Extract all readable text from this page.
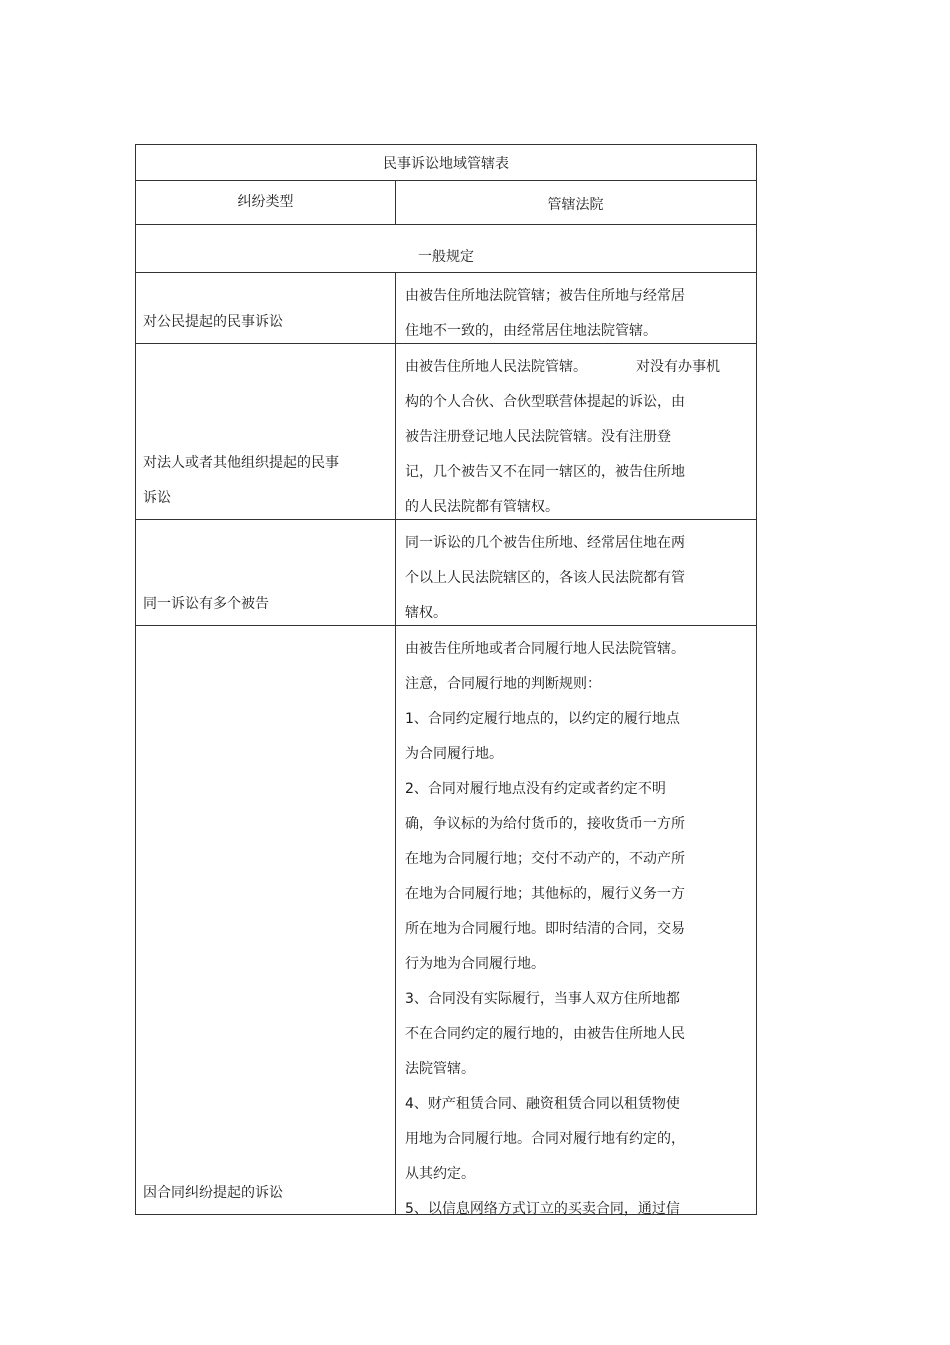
民事诉讼地域管辖表
纠纷类型	管辖法院
一般规定
对公民提起的民事诉讼
由被告住所地法院管辖；被告住所地与经常居
住地不一致的，由经常居住地法院管辖。
对法人或者其他组织提起的民事
诉讼
由被告住所地人民法院管辖。           对没有办事机
构的个人合伙、合伙型联营体提起的诉讼，由
被告注册登记地人民法院管辖。没有注册登
记，几个被告又不在同一辖区的，被告住所地
的人民法院都有管辖权。
同一诉讼有多个被告
同一诉讼的几个被告住所地、经常居住地在两
个以上人民法院辖区的，各该人民法院都有管
辖权。
因合同纠纷提起的诉讼
由被告住所地或者合同履行地人民法院管辖。
注意，合同履行地的判断规则：
1、合同约定履行地点的，以约定的履行地点
为合同履行地。
2、合同对履行地点没有约定或者约定不明
确，争议标的为给付货币的，接收货币一方所
在地为合同履行地；交付不动产的，不动产所
在地为合同履行地；其他标的，履行义务一方
所在地为合同履行地。即时结清的合同，交易
行为地为合同履行地。
3、合同没有实际履行，当事人双方住所地都
不在合同约定的履行地的，由被告住所地人民
法院管辖。
4、财产租赁合同、融资租赁合同以租赁物使
用地为合同履行地。合同对履行地有约定的，
从其约定。
5、以信息网络方式订立的买卖合同，通过信
